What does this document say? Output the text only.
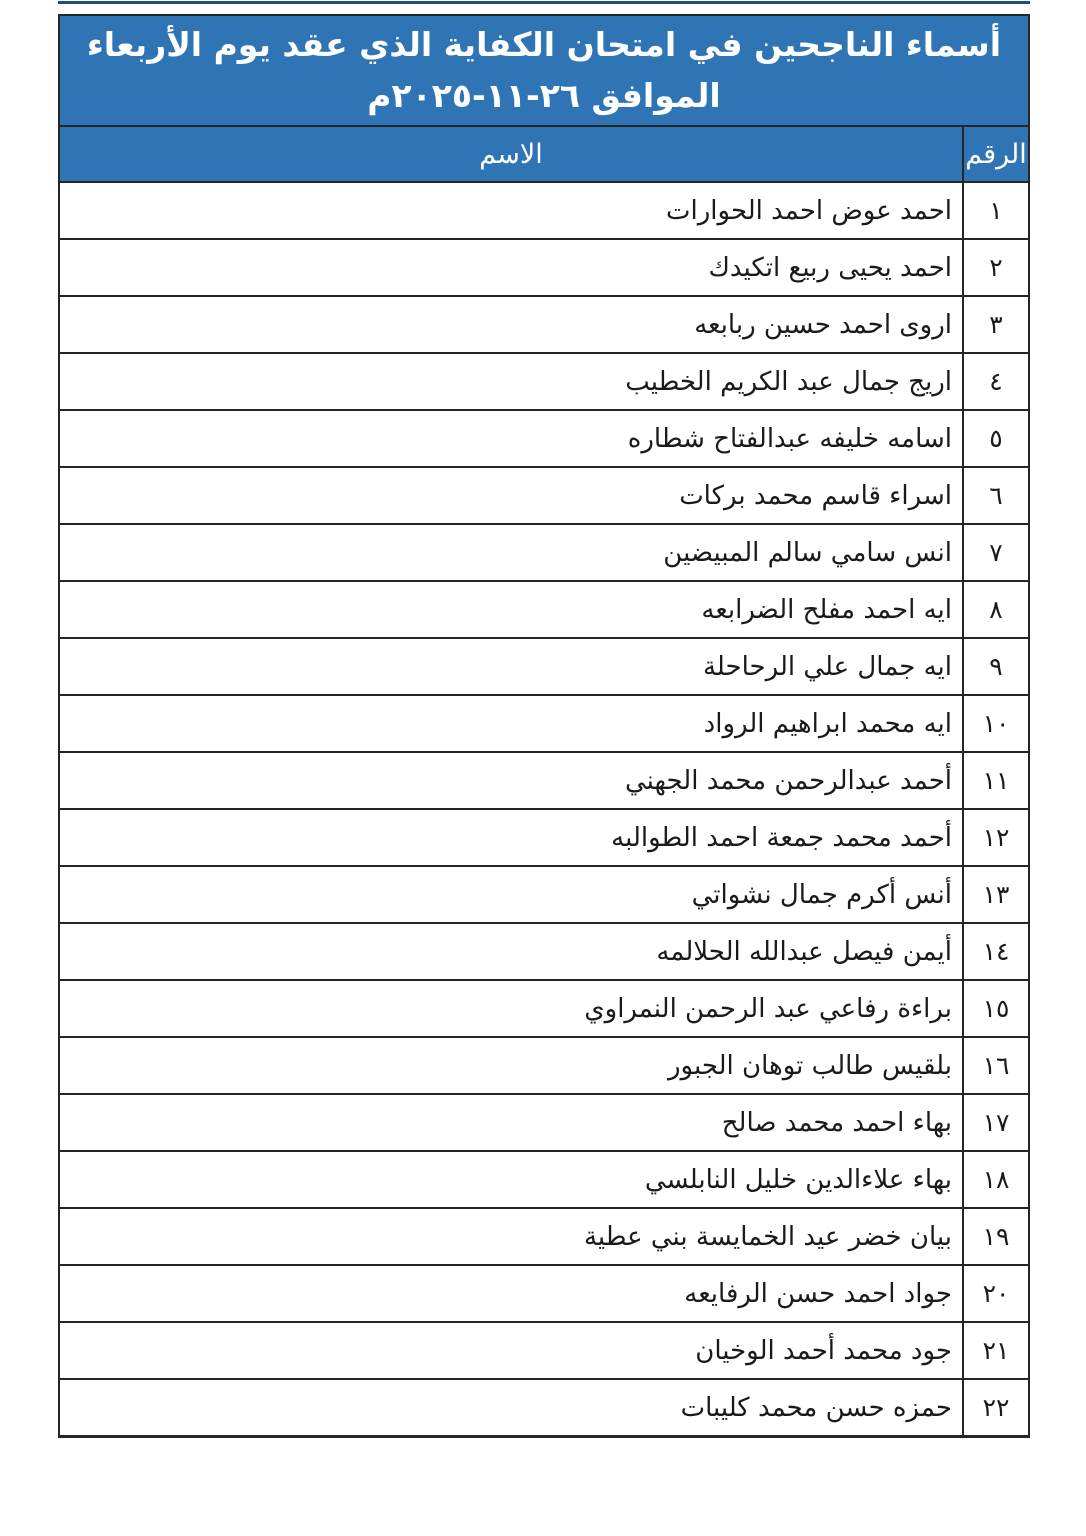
أسماء الناجحين في امتحان الكفاية الذي عقد يوم الأربعاء
الموافق ٢٦-١١-٢٠٢٥م	

الرقم	الاسم
١	احمد عوض احمد الحوارات
٢	احمد يحيى ربيع اتكيدك
٣	اروى احمد حسين ربابعه
٤	اريج جمال عبد الكريم الخطيب
٥	اسامه خليفه عبدالفتاح شطاره
٦	اسراء قاسم محمد بركات
٧	انس سامي سالم المبيضين
٨	ايه احمد مفلح الضرابعه
٩	ايه جمال علي الرحاحلة
١٠	ايه محمد ابراهيم الرواد
١١	أحمد عبدالرحمن محمد الجهني
١٢	أحمد محمد جمعة احمد الطوالبه
١٣	أنس أكرم جمال نشواتي
١٤	أيمن فيصل عبدالله الحلالمه
١٥	براءة رفاعي عبد الرحمن النمراوي
١٦	بلقيس طالب توهان الجبور
١٧	بهاء احمد محمد صالح
١٨	بهاء علاءالدين خليل النابلسي
١٩	بيان خضر عيد الخمايسة بني عطية
٢٠	جواد احمد حسن الرفايعه
٢١	جود محمد أحمد الوخيان
٢٢	حمزه حسن محمد كليبات
